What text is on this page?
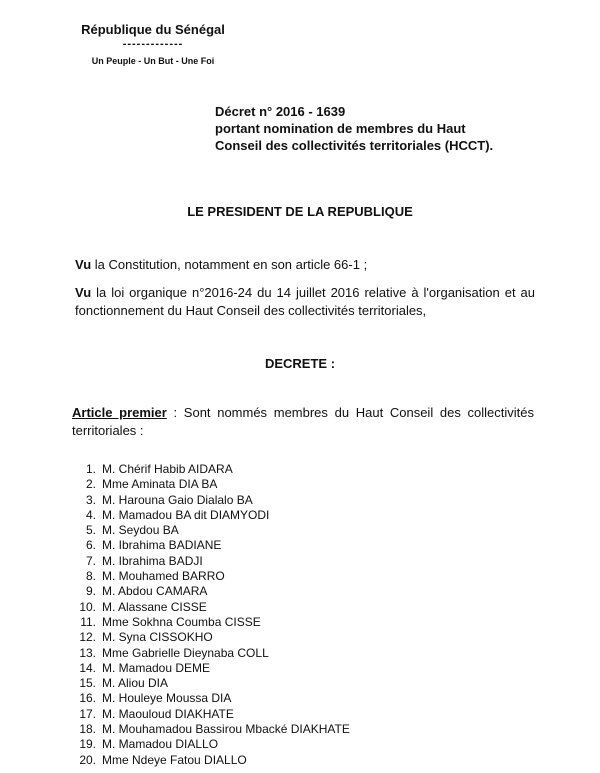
République du Sénégal
-------------
Un Peuple - Un But - Une Foi
Décret n° 2016 - 1639
portant nomination de membres du Haut
Conseil des collectivités territoriales (HCCT).
LE PRESIDENT DE LA REPUBLIQUE
Vu la Constitution, notamment en son article 66-1 ;
Vu la loi organique n°2016-24 du 14 juillet 2016 relative à l'organisation et au fonctionnement du Haut Conseil des collectivités territoriales,
DECRETE :
Article premier : Sont nommés membres du Haut Conseil des collectivités territoriales :
1. M. Chérif Habib AIDARA
2. Mme Aminata DIA BA
3. M. Harouna Gaio Dialalo BA
4. M. Mamadou BA dit DIAMYODI
5. M. Seydou BA
6. M. Ibrahima BADIANE
7. M. Ibrahima BADJI
8. M. Mouhamed BARRO
9. M. Abdou CAMARA
10. M. Alassane CISSE
11. Mme Sokhna Coumba CISSE
12. M. Syna CISSOKHO
13. Mme Gabrielle Dieynaba COLL
14. M. Mamadou DEME
15. M. Aliou DIA
16. M. Houleye Moussa DIA
17. M. Maouloud DIAKHATE
18. M. Mouhamadou Bassirou Mbacké DIAKHATE
19. M. Mamadou DIALLO
20. Mme Ndeye Fatou DIALLO
